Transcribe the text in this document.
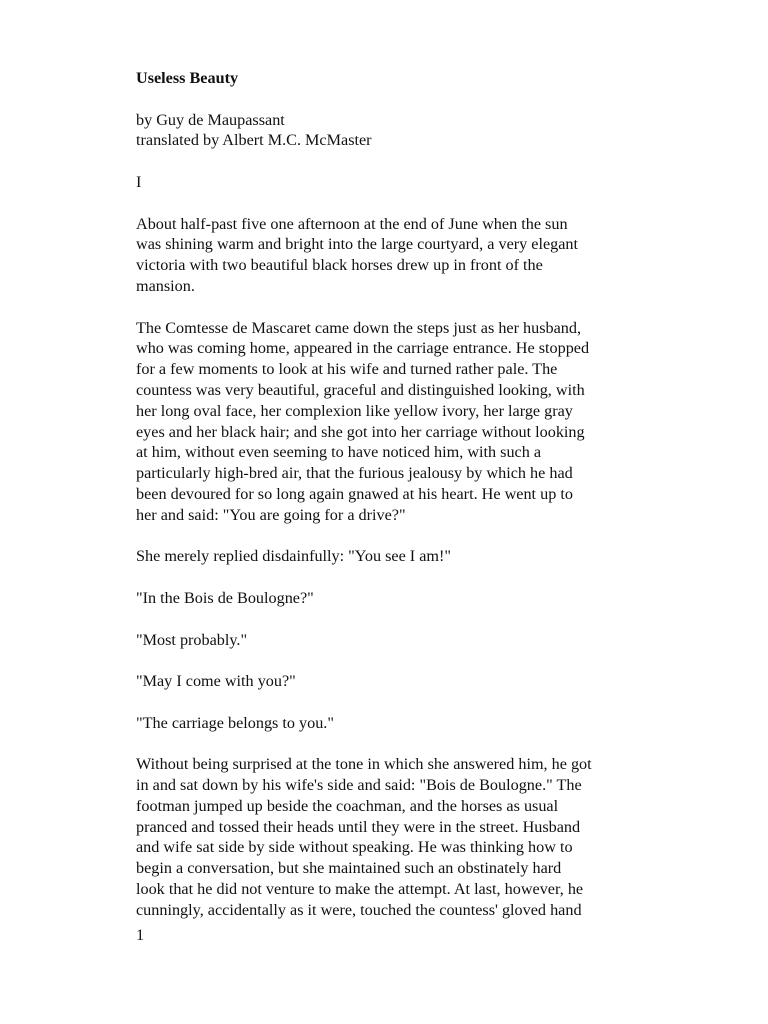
Useless Beauty
by Guy de Maupassant
translated by Albert M.C. McMaster
I
About half-past five one afternoon at the end of June when the sun
was shining warm and bright into the large courtyard, a very elegant
victoria with two beautiful black horses drew up in front of the
mansion.
The Comtesse de Mascaret came down the steps just as her husband,
who was coming home, appeared in the carriage entrance. He stopped
for a few moments to look at his wife and turned rather pale. The
countess was very beautiful, graceful and distinguished looking, with
her long oval face, her complexion like yellow ivory, her large gray
eyes and her black hair; and she got into her carriage without looking
at him, without even seeming to have noticed him, with such a
particularly high-bred air, that the furious jealousy by which he had
been devoured for so long again gnawed at his heart. He went up to
her and said: "You are going for a drive?"
She merely replied disdainfully: "You see I am!"
"In the Bois de Boulogne?"
"Most probably."
"May I come with you?"
"The carriage belongs to you."
Without being surprised at the tone in which she answered him, he got
in and sat down by his wife's side and said: "Bois de Boulogne." The
footman jumped up beside the coachman, and the horses as usual
pranced and tossed their heads until they were in the street. Husband
and wife sat side by side without speaking. He was thinking how to
begin a conversation, but she maintained such an obstinately hard
look that he did not venture to make the attempt. At last, however, he
cunningly, accidentally as it were, touched the countess' gloved hand
1
